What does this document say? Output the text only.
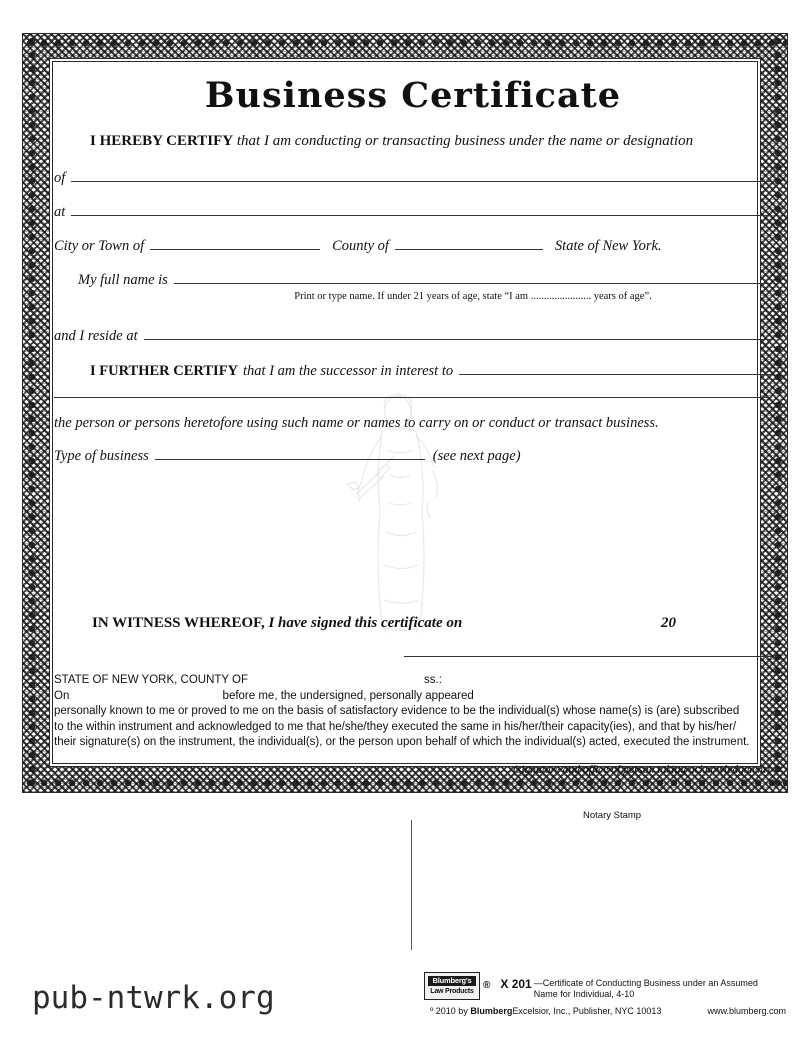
Business Certificate
I HEREBY CERTIFY that I am conducting or transacting business under the name or designation
of
at
City or Town of	County of	State of New York.
My full name is
Print or type name. If under 21 years of age, state “I am ....................... years of age”.
and I reside at
I FURTHER CERTIFY that I am the successor in interest to
the person or persons heretofore using such name or names to carry on or conduct or transact business.
Type of business	(see next page)
IN WITNESS WHEREOF, I have signed this certificate on	20
STATE OF NEW YORK, COUNTY OF	ss.:
On	before me, the undersigned, personally appeared
personally known to me or proved to me on the basis of satisfactory evidence to be the individual(s) whose name(s) is (are) subscribed
to the within instrument and acknowledged to me that he/she/they executed the same in his/her/their capacity(ies), and that by his/her/
their signature(s) on the instrument, the individual(s), or the person upon behalf of which the individual(s) acted, executed the instrument.
(signature and office of person taking acknowledgment)
Notary Stamp
Blumberg's
Law Products
® X 201 —Certificate of Conducting Business under an Assumed
Name for Individual, 4-10
º 2010 by BlumbergExcelsior, Inc., Publisher, NYC 10013	www.blumberg.com
pub-ntwrk.org
